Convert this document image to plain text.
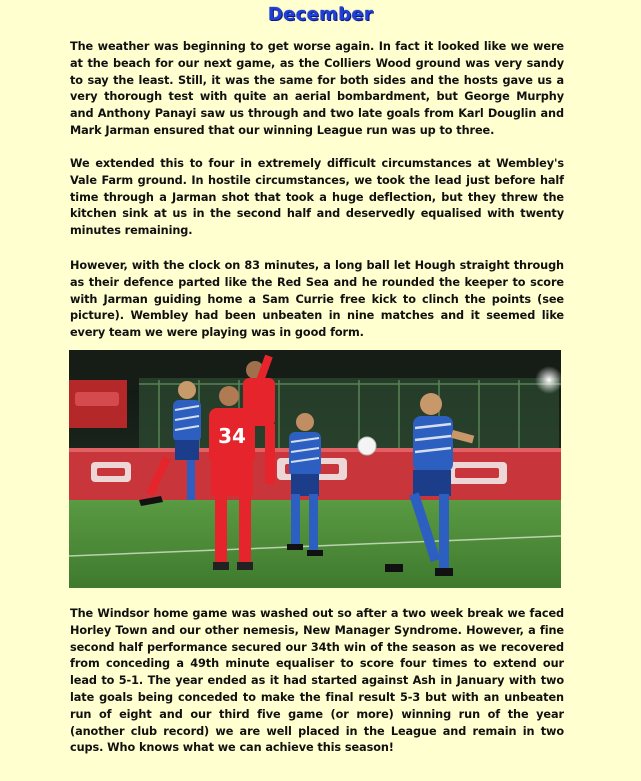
December

The weather was beginning to get worse again. In fact it looked like we were at the beach for our next game, as the Colliers Wood ground was very sandy to say the least. Still, it was the same for both sides and the hosts gave us a very thorough test with quite an aerial bombardment, but George Murphy and Anthony Panayi saw us through and two late goals from Karl Douglin and Mark Jarman ensured that our winning League run was up to three.

We extended this to four in extremely difficult circumstances at Wembley's Vale Farm ground. In hostile circumstances, we took the lead just before half time through a Jarman shot that took a huge deflection, but they threw the kitchen sink at us in the second half and deservedly equalised with twenty minutes remaining.

However, with the clock on 83 minutes, a long ball let Hough straight through as their defence parted like the Red Sea and he rounded the keeper to score with Jarman guiding home a Sam Currie free kick to clinch the points (see picture). Wembley had been unbeaten in nine matches and it seemed like every team we were playing was in good form.

34

The Windsor home game was washed out so after a two week break we faced Horley Town and our other nemesis, New Manager Syndrome. However, a fine second half performance secured our 34th win of the season as we recovered from conceding a 49th minute equaliser to score four times to extend our lead to 5-1. The year ended as it had started against Ash in January with two late goals being conceded to make the final result 5-3 but with an unbeaten run of eight and our third five game (or more) winning run of the year (another club record) we are well placed in the League and remain in two cups. Who knows what we can achieve this season!
